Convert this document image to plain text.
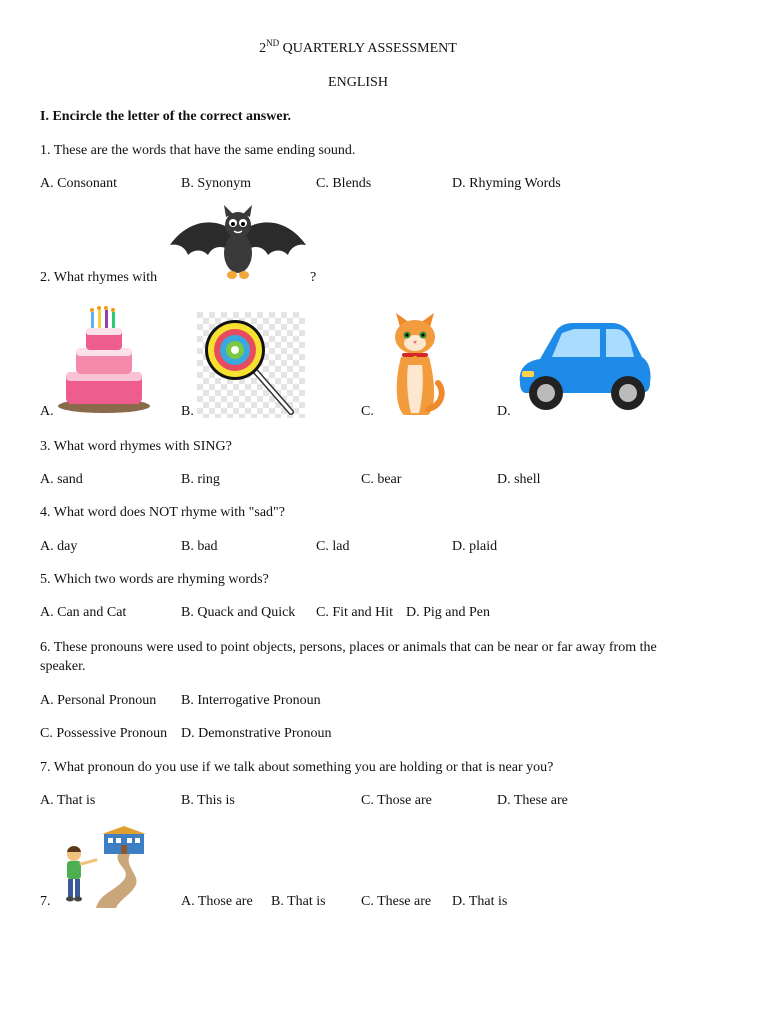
2ND QUARTERLY ASSESSMENT
ENGLISH
I. Encircle the letter of the correct answer.
1. These are the words that have the same ending sound.
A. Consonant	B. Synonym	C. Blends	D. Rhyming Words
2. What rhymes with	?
A.	B.	C.	D.
3. What word rhymes with SING?
A. sand	B. ring	C. bear	D. shell
4. What word does NOT rhyme with "sad"?
A. day	B. bad	C. lad	D. plaid
5. Which two words are rhyming words?
A. Can and Cat	B. Quack and Quick C. Fit and Hit D. Pig and Pen
6. These pronouns were used to point objects, persons, places or animals that can be near or far away from the speaker.
A. Personal Pronoun B. Interrogative Pronoun
C. Possessive Pronoun D. Demonstrative Pronoun
7. What pronoun do you use if we talk about something you are holding or that is near you?
A. That is	B. This is	C. Those are	D. These are
7.	A. Those are B. That is	C. These are D. That is
